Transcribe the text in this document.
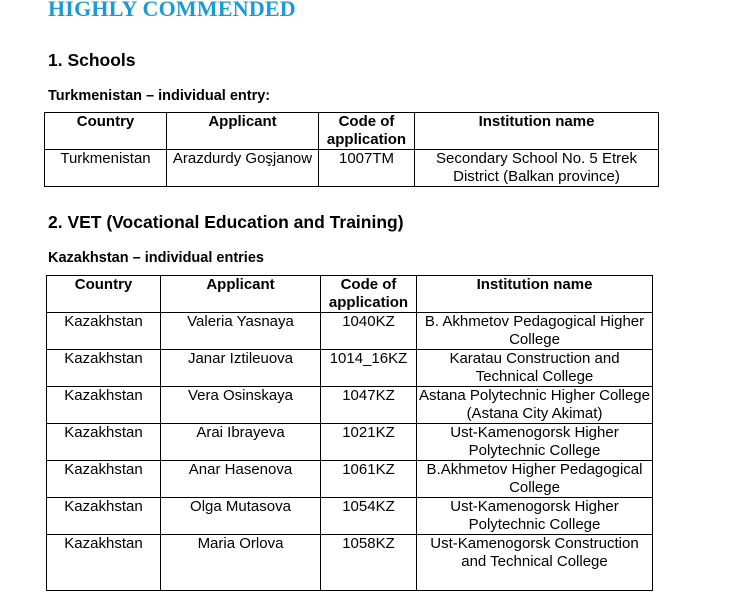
HIGHLY COMMENDED
1. Schools
Turkmenistan – individual entry:
Country	Applicant	Code of application	Institution name
Turkmenistan	Arazdurdy Goşjanow	1007TM	Secondary School No. 5 Etrek District (Balkan province)
2. VET (Vocational Education and Training)
Kazakhstan – individual entries
Country	Applicant	Code of application	Institution name
Kazakhstan	Valeria Yasnaya	1040KZ	B. Akhmetov Pedagogical Higher College
Kazakhstan	Janar Iztileuova	1014_16KZ	Karatau Construction and Technical College
Kazakhstan	Vera Osinskaya	1047KZ	Astana Polytechnic Higher College (Astana City Akimat)
Kazakhstan	Arai Ibrayeva	1021KZ	Ust-Kamenogorsk Higher Polytechnic College
Kazakhstan	Anar Hasenova	1061KZ	B.Akhmetov Higher Pedagogical College
Kazakhstan	Olga Mutasova	1054KZ	Ust-Kamenogorsk Higher Polytechnic College
Kazakhstan	Maria Orlova	1058KZ	Ust-Kamenogorsk Construction and Technical College
